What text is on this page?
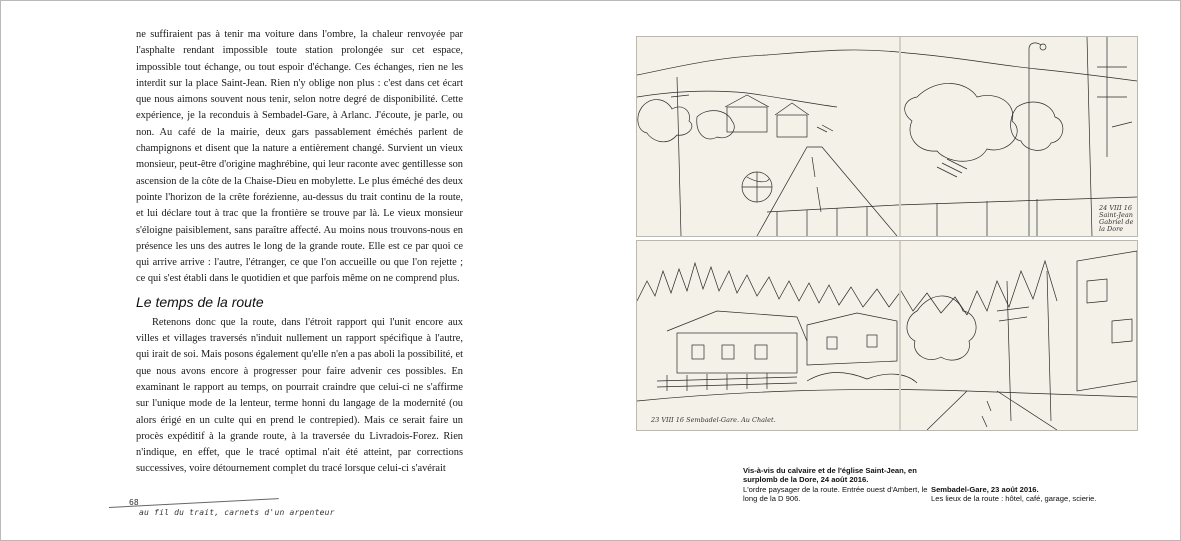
ne suffiraient pas à tenir ma voiture dans l'ombre, la chaleur renvoyée par l'asphalte rendant impossible toute station prolongée sur cet espace, impossible tout échange, ou tout espoir d'échange. Ces échanges, rien ne les interdit sur la place Saint-Jean. Rien n'y oblige non plus : c'est dans cet écart que nous aimons souvent nous tenir, selon notre degré de disponibilité. Cette expérience, je la reconduis à Sembadel-Gare, à Arlanc. J'écoute, je parle, ou non. Au café de la mairie, deux gars passablement éméchés parlent de champignons et disent que la nature a entièrement changé. Survient un vieux monsieur, peut-être d'origine maghrébine, qui leur raconte avec gentillesse son ascension de la côte de la Chaise-Dieu en mobylette. Le plus éméché des deux pointe l'horizon de la crête forézienne, au-dessus du trait continu de la route, et lui déclare tout à trac que la frontière se trouve par là. Le vieux monsieur s'éloigne paisiblement, sans paraître affecté. Au moins nous trouvons-nous en présence les uns des autres le long de la grande route. Elle est ce par quoi ce qui arrive arrive : l'autre, l'étranger, ce que l'on accueille ou que l'on rejette ; ce qui s'est établi dans le quotidien et que parfois même on ne comprend plus.

Le temps de la route

Retenons donc que la route, dans l'étroit rapport qui l'unit encore aux villes et villages traversés n'induit nullement un rapport spécifique à l'autre, qui irait de soi. Mais posons également qu'elle n'en a pas aboli la possibilité, et que nous avons encore à progresser pour faire advenir ces possibles. En examinant le rapport au temps, on pourrait craindre que celui-ci ne s'affirme sur l'unique mode de la lenteur, terme honni du langage de la modernité (ou alors érigé en un culte qui en prend le contrepied). Mais ce serait faire un procès expéditif à la grande route, à la traversée du Livradois-Forez. Rien n'indique, en effet, que le tracé optimal n'ait été atteint, par corrections successives, voire détournement complet du tracé lorsque celui-ci s'avérait

68
au fil du trait, carnets d'un arpenteur
24 VIII 16 Saint-Jean Gabriel de la Dore
23 VIII 16 Sembadel-Gare. Au Chalet.
Vis-à-vis du calvaire et de l'église Saint-Jean, en surplomb de la Dore, 24 août 2016.
L'ordre paysager de la route. Entrée ouest d'Ambert, le long de la D 906.
Sembadel-Gare, 23 août 2016.
Les lieux de la route : hôtel, café, garage, scierie.
